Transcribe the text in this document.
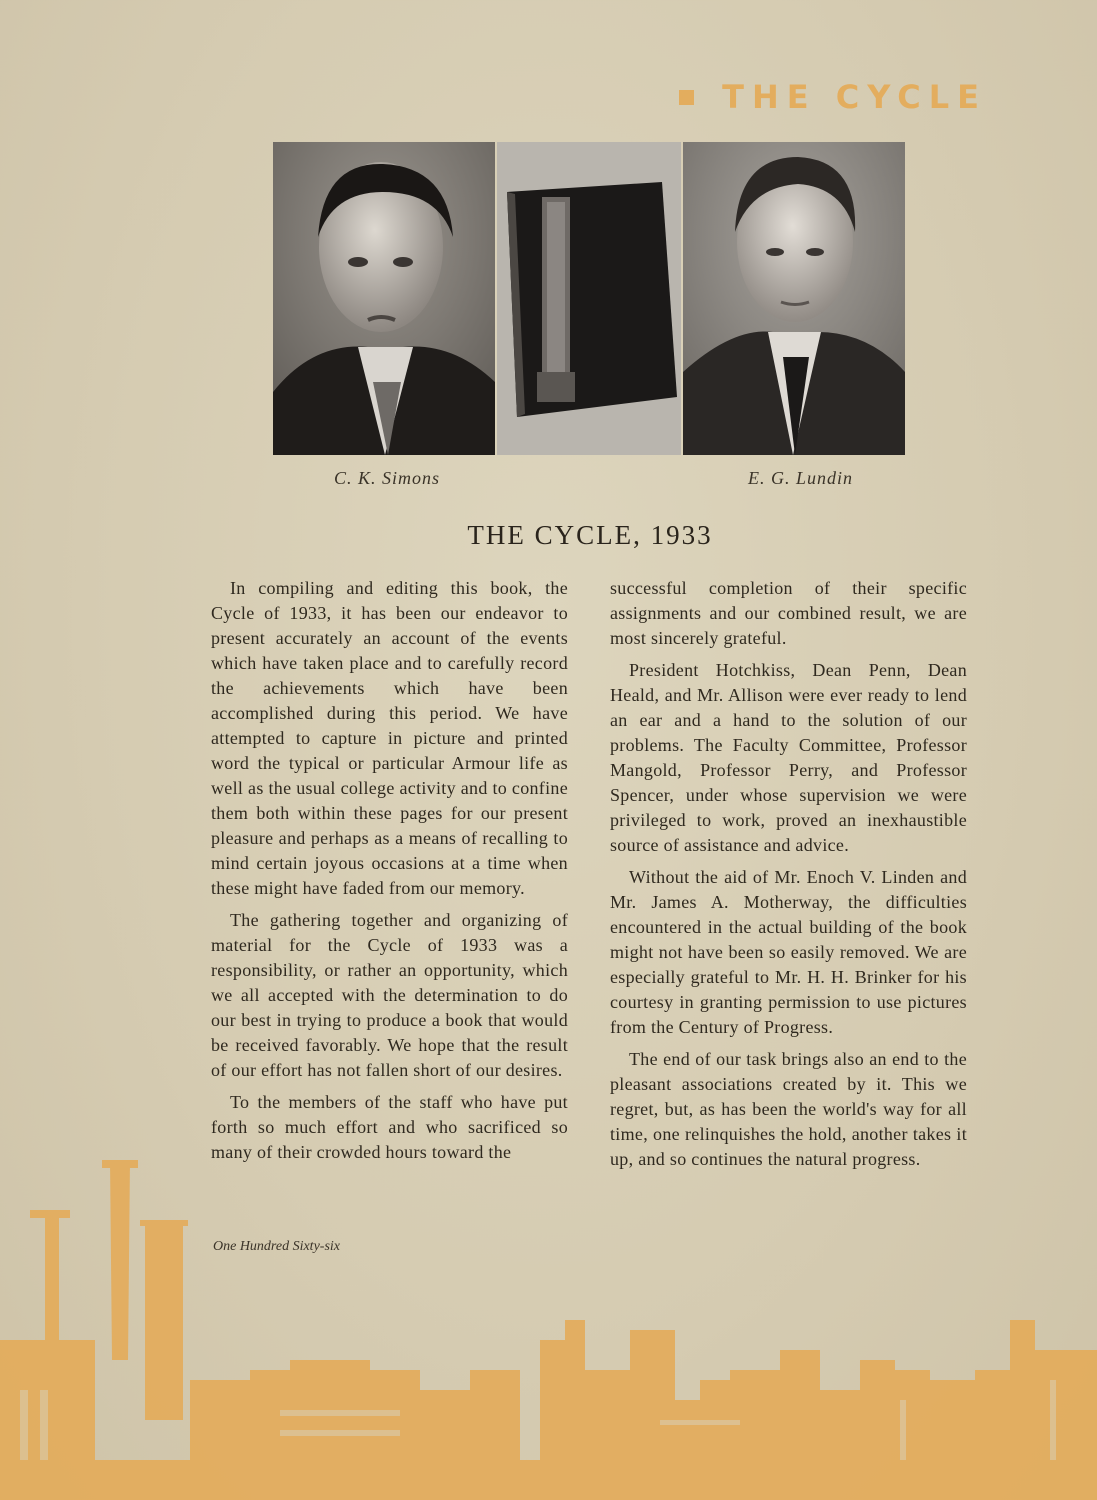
THE CYCLE
C. K. Simons	E. G. Lundin
THE CYCLE, 1933

In compiling and editing this book, the Cycle of 1933, it has been our endeavor to present accurately an account of the events which have taken place and to carefully record the achievements which have been accomplished during this period. We have attempted to capture in picture and printed word the typical or particular Armour life as well as the usual college activity and to confine them both within these pages for our present pleasure and perhaps as a means of recalling to mind certain joyous occasions at a time when these might have faded from our memory.

The gathering together and organizing of material for the Cycle of 1933 was a responsibility, or rather an opportunity, which we all accepted with the determination to do our best in trying to produce a book that would be received favorably. We hope that the result of our effort has not fallen short of our desires.

To the members of the staff who have put forth so much effort and who sacrificed so many of their crowded hours toward the

successful completion of their specific assignments and our combined result, we are most sincerely grateful.

President Hotchkiss, Dean Penn, Dean Heald, and Mr. Allison were ever ready to lend an ear and a hand to the solution of our problems. The Faculty Committee, Professor Mangold, Professor Perry, and Professor Spencer, under whose supervision we were privileged to work, proved an inexhaustible source of assistance and advice.

Without the aid of Mr. Enoch V. Linden and Mr. James A. Motherway, the difficulties encountered in the actual building of the book might not have been so easily removed. We are especially grateful to Mr. H. H. Brinker for his courtesy in granting permission to use pictures from the Century of Progress.

The end of our task brings also an end to the pleasant associations created by it. This we regret, but, as has been the world's way for all time, one relinquishes the hold, another takes it up, and so continues the natural progress.

One Hundred Sixty-six
